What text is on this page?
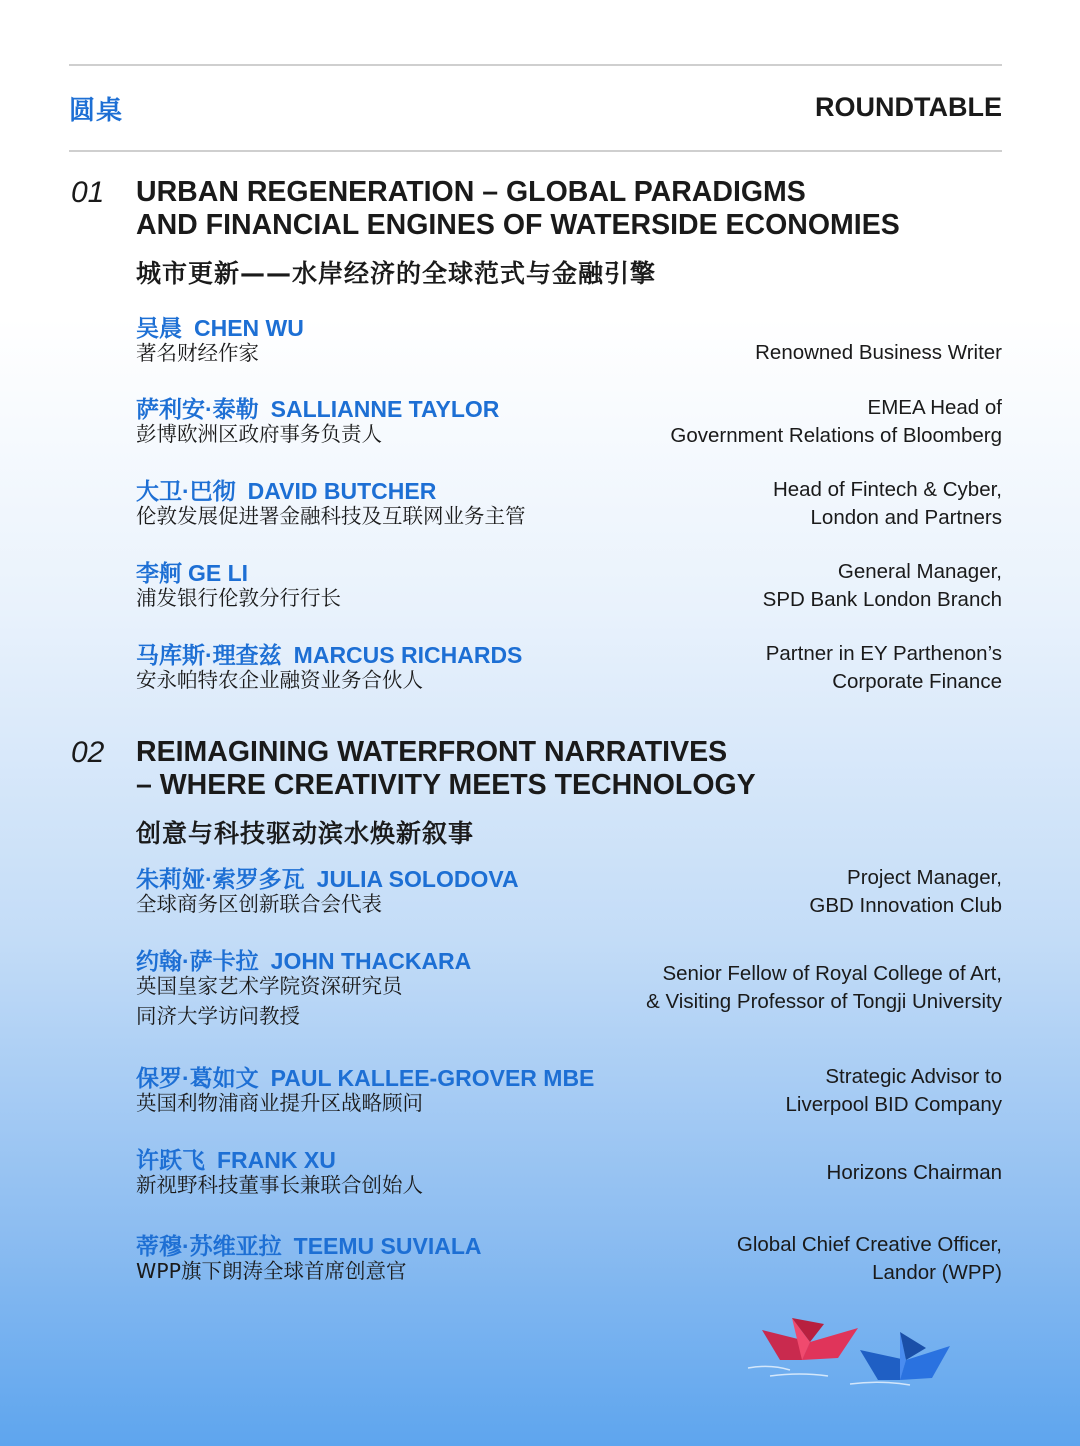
圆桌	ROUNDTABLE
01 URBAN REGENERATION – GLOBAL PARADIGMS
AND FINANCIAL ENGINES OF WATERSIDE ECONOMIES
城市更新——水岸经济的全球范式与金融引擎
吴晨 CHEN WU
著名财经作家	Renowned Business Writer
萨利安·泰勒 SALLIANNE TAYLOR
彭博欧洲区政府事务负责人
EMEA Head of
Government Relations of Bloomberg
大卫·巴彻 DAVID BUTCHER
伦敦发展促进署金融科技及互联网业务主管
Head of Fintech & Cyber,
London and Partners
李舸 GE LI
浦发银行伦敦分行行长
General Manager,
SPD Bank London Branch
马库斯·理查兹 MARCUS RICHARDS
安永帕特农企业融资业务合伙人
Partner in EY Parthenon’s
Corporate Finance
02 REIMAGINING WATERFRONT NARRATIVES
– WHERE CREATIVITY MEETS TECHNOLOGY
创意与科技驱动滨水焕新叙事
朱莉娅·索罗多瓦 JULIA SOLODOVA
全球商务区创新联合会代表
Project Manager,
GBD Innovation Club
约翰·萨卡拉 JOHN THACKARA
英国皇家艺术学院资深研究员
同济大学访问教授
Senior Fellow of Royal College of Art,
& Visiting Professor of Tongji University
保罗·葛如文 PAUL KALLEE-GROVER MBE
英国利物浦商业提升区战略顾问
Strategic Advisor to
Liverpool BID Company
许跃飞 FRANK XU
新视野科技董事长兼联合创始人
Horizons Chairman
蒂穆·苏维亚拉 TEEMU SUVIALA
WPP旗下朗涛全球首席创意官
Global Chief Creative Officer,
Landor (WPP)
